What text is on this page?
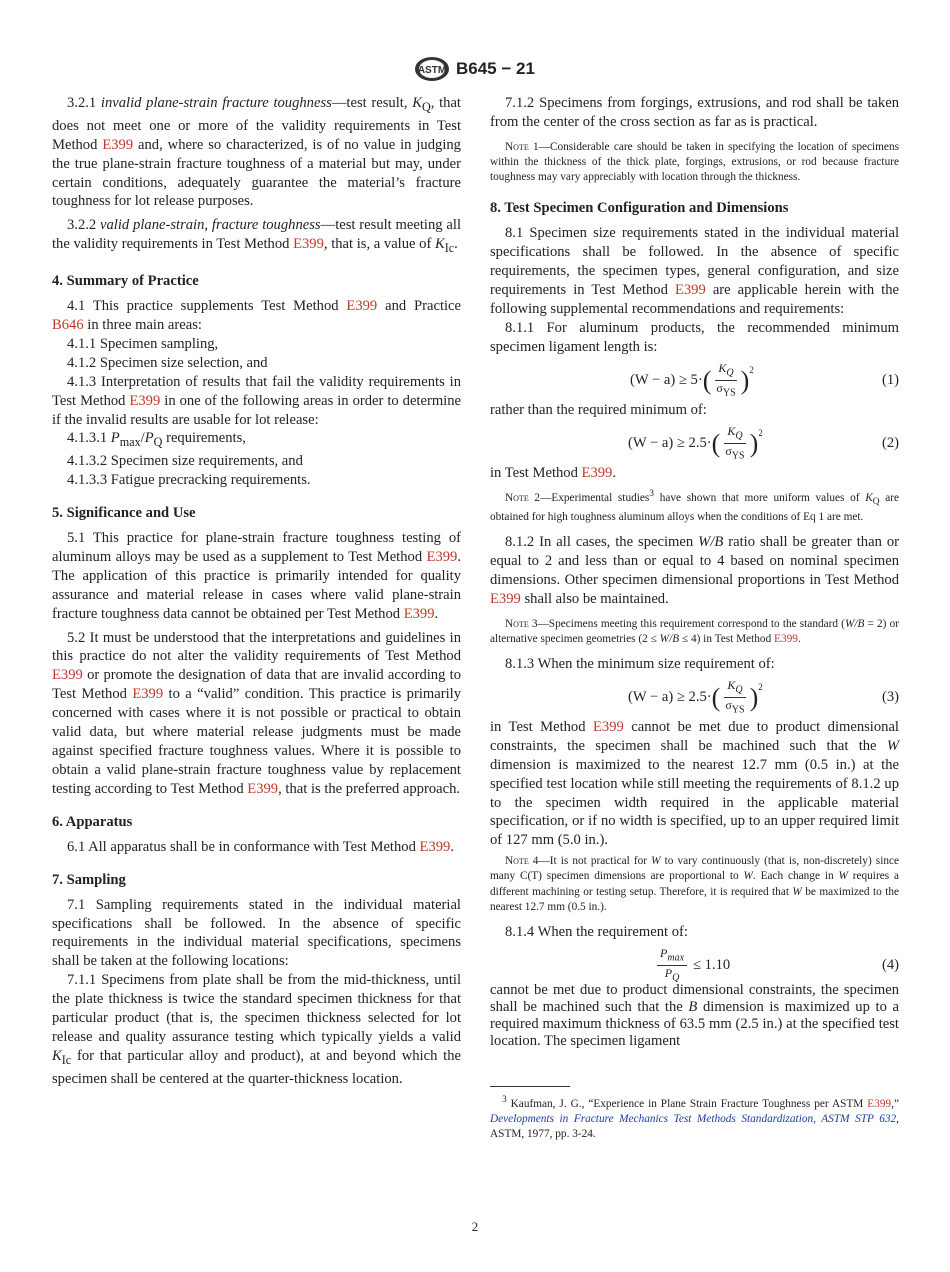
ASTM B645 − 21

3.2.1 invalid plane-strain fracture toughness—test result, $K_Q$, that does not meet one or more of the validity requirements in Test Method E399 and, where so characterized, is of no value in judging the true plane-strain fracture toughness of a material but may, under certain conditions, adequately guarantee the material’s fracture toughness for lot release purposes.

3.2.2 valid plane-strain, fracture toughness—test result meeting all the validity requirements in Test Method E399, that is, a value of $K_{Ic}$.

4. Summary of Practice

4.1 This practice supplements Test Method E399 and Practice B646 in three main areas:

4.1.1 Specimen sampling,

4.1.2 Specimen size selection, and

4.1.3 Interpretation of results that fail the validity requirements in Test Method E399 in one of the following areas in order to determine if the invalid results are usable for lot release:

4.1.3.1 $P_{max}/P_Q$ requirements,

4.1.3.2 Specimen size requirements, and

4.1.3.3 Fatigue precracking requirements.

5. Significance and Use

5.1 This practice for plane-strain fracture toughness testing of aluminum alloys may be used as a supplement to Test Method E399. The application of this practice is primarily intended for quality assurance and material release in cases where valid plane-strain fracture toughness data cannot be obtained per Test Method E399.

5.2 It must be understood that the interpretations and guidelines in this practice do not alter the validity requirements of Test Method E399 or promote the designation of data that are invalid according to Test Method E399 to a “valid” condition. This practice is primarily concerned with cases where it is not possible or practical to obtain valid data, but where material release judgments must be made against specified fracture toughness values. Where it is possible to obtain a valid plane-strain fracture toughness value by replacement testing according to Test Method E399, that is the preferred approach.

6. Apparatus

6.1 All apparatus shall be in conformance with Test Method E399.

7. Sampling

7.1 Sampling requirements stated in the individual material specifications shall be followed. In the absence of specific requirements in the individual material specifications, specimens shall be taken at the following locations:

7.1.1 Specimens from plate shall be from the mid-thickness, until the plate thickness is twice the standard specimen thickness for that particular product (that is, the specimen thickness selected for lot release and quality assurance testing which typically yields a valid $K_{Ic}$ for that particular alloy and product), at and beyond which the specimen shall be centered at the quarter-thickness location.

7.1.2 Specimens from forgings, extrusions, and rod shall be taken from the center of the cross section as far as is practical.

Note 1—Considerable care should be taken in specifying the location of specimens within the thickness of the thick plate, forgings, extrusions, or rod because fracture toughness may vary appreciably with location through the thickness.

8. Test Specimen Configuration and Dimensions

8.1 Specimen size requirements stated in the individual material specifications shall be followed. In the absence of specific requirements, the specimen types, general configuration, and size requirements in Test Method E399 are applicable herein with the following supplemental recommendations and requirements:

8.1.1 For aluminum products, the recommended minimum specimen ligament length is:

(W − a) ≥ 5· ( $\frac{K_Q}{\sigma_{YS}} )^2$
(1)

rather than the required minimum of:

(W − a) ≥ 2.5· ( $\frac{K_Q}{\sigma_{YS}} )^2$
(2)

in Test Method E399.

Note 2—Experimental studies$^3$ have shown that more uniform values of $K_Q$ are obtained for high toughness aluminum alloys when the conditions of Eq 1 are met.

8.1.2 In all cases, the specimen W/B ratio shall be greater than or equal to 2 and less than or equal to 4 based on nominal specimen dimensions. Other specimen dimensional proportions in Test Method E399 shall also be maintained.

Note 3—Specimens meeting this requirement correspond to the standard (W/B = 2) or alternative specimen geometries (2 ≤ W/B ≤ 4) in Test Method E399.

8.1.3 When the minimum size requirement of:

(W − a) ≥ 2.5· ( $\frac{K_Q}{\sigma_{YS}} )^2$
(3)

in Test Method E399 cannot be met due to product dimensional constraints, the specimen shall be machined such that the W dimension is maximized to the nearest 12.7 mm (0.5 in.) at the specified test location while still meeting the requirements of 8.1.2 up to the specimen width required in the applicable material specification, or if no width is specified, up to an upper required limit of 127 mm (5.0 in.).

Note 4—It is not practical for W to vary continuously (that is, non-discretely) since many C(T) specimen dimensions are proportional to W. Each change in W requires a different machining or testing setup. Therefore, it is required that W be maximized to the nearest 12.7 mm (0.5 in.).

8.1.4 When the requirement of:

$\frac{P_{max}}{P_Q} \le 1.10$	(4)

cannot be met due to product dimensional constraints, the specimen shall be machined such that the B dimension is maximized up to a required maximum thickness of 63.5 mm (2.5 in.) at the specified test location. The specimen ligament

$^3$ Kaufman, J. G., “Experience in Plane Strain Fracture Toughness per ASTM E399,” Developments in Fracture Mechanics Test Methods Standardization, ASTM STP 632, ASTM, 1977, pp. 3-24.

2
